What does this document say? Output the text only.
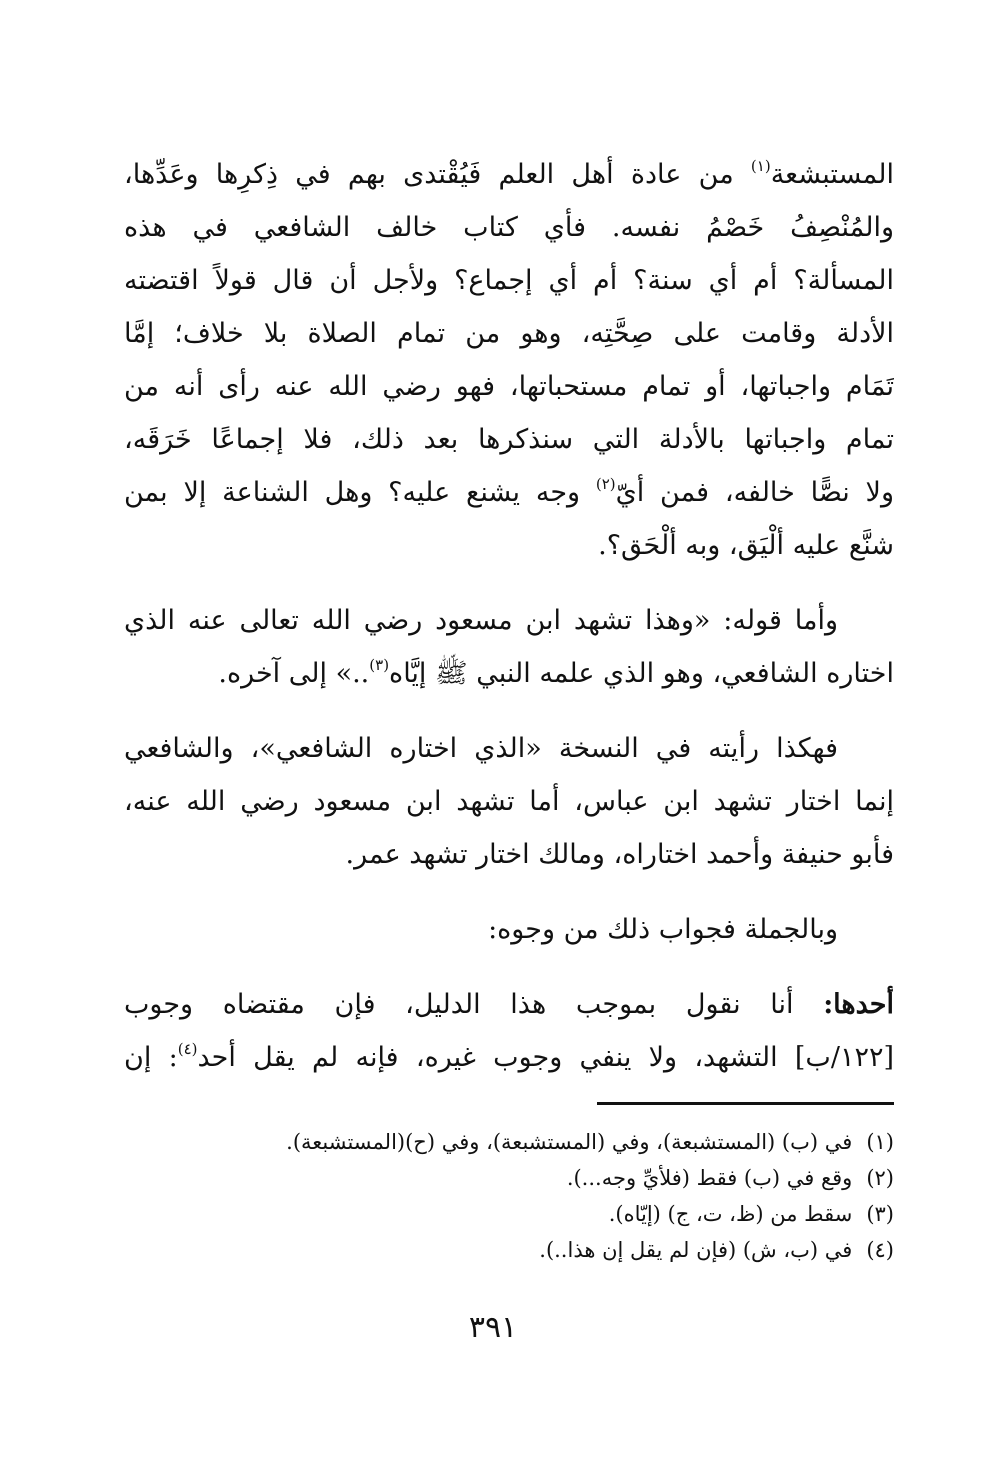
المستبشعة$^{(١)}$ من عادة أهل العلم فَيُقْتدى بهم في ذِكرِها وعَدِّها،
والمُنْصِفُ خَصْمُ نفسه. فأي كتاب خالف الشافعي في هذه
المسألة؟ أم أي سنة؟ أم أي إجماع؟ ولأجل أن قال قولاً اقتضته
الأدلة وقامت على صِحَّتِه، وهو من تمام الصلاة بلا خلاف؛ إمَّا
تَمَام واجباتها، أو تمام مستحباتها، فهو رضي الله عنه رأى أنه من
تمام واجباتها بالأدلة التي سنذكرها بعد ذلك، فلا إجماعًا خَرَقَه،
ولا نصًّا خالفه، فمن أيّ$^{(٢)}$ وجه يشنع عليه؟ وهل الشناعة إلا بمن
شنَّع عليه ألْيَق، وبه ألْحَق؟.
وأما قوله: «وهذا تشهد ابن مسعود رضي الله تعالى عنه الذي
اختاره الشافعي، وهو الذي علمه النبي ﷺ إيَّاه$^{(٣)}$..» إلى آخره.
فهكذا رأيته في النسخة «الذي اختاره الشافعي»، والشافعي
إنما اختار تشهد ابن عباس، أما تشهد ابن مسعود رضي الله عنه،
فأبو حنيفة وأحمد اختاراه، ومالك اختار تشهد عمر.
وبالجملة فجواب ذلك من وجوه:
أحدها: أنا نقول بموجب هذا الدليل، فإن مقتضاه وجوب
[١٢٢/ب] التشهد، ولا ينفي وجوب غيره، فإنه لم يقل أحد$^{(٤)}$: إن
(١)في (ب) (المستشبعة)، وفي (المستشبعة)، وفي (ح)(المستشبعة).
(٢)وقع في (ب) فقط (فلأيِّ وجه...).
(٣)سقط من (ظ، ت، ج) (إيّاه).
(٤)في (ب، ش) (فإن لم يقل إن هذا..).
٣٩١
